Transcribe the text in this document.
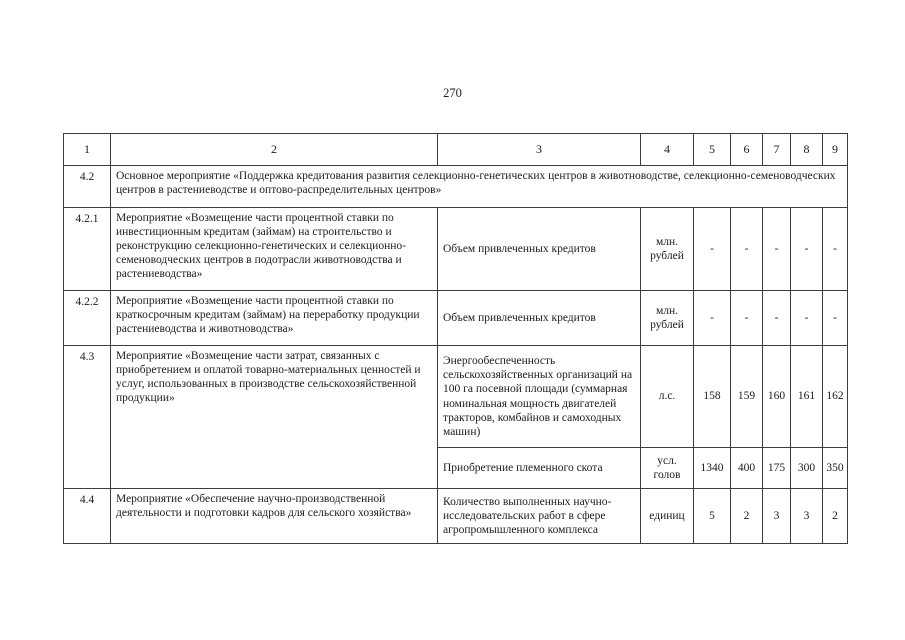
270
1	2	3	4	5	6	7	8	9
4.2	Основное мероприятие «Поддержка кредитования развития селекционно-генетических центров в животноводстве, селекционно-семеноводческих центров в растениеводстве и оптово-распределительных центров»							
4.2.1	Мероприятие «Возмещение части процентной ставки по инвестиционным кредитам (займам) на строительство и реконструкцию селекционно-генетических и селекционно-семеноводческих центров в подотрасли животноводства и растениеводства»	Объем привлеченных кредитов	млн. рублей	-	-	-	-	-
4.2.2	Мероприятие «Возмещение части процентной ставки по краткосрочным кредитам (займам) на переработку продукции растениеводства и животноводства»	Объем привлеченных кредитов	млн. рублей	-	-	-	-	-
4.3	Мероприятие «Возмещение части затрат, связанных с приобретением и оплатой товарно-материальных ценностей и услуг, использованных в производстве сельскохозяйственной продукции»	Энергообеспеченность сельскохозяйственных организаций на 100 га посевной площади (суммарная номинальная мощность двигателей тракторов, комбайнов и самоходных машин)	л.с.	158	159	160	161	162
		Приобретение племенного скота	усл. голов	1340	400	175	300	350
4.4	Мероприятие «Обеспечение научно-производственной деятельности и подготовки кадров для сельского хозяйства»	Количество выполненных научно-исследовательских работ в сфере агропромышленного комплекса	единиц	5	2	3	3	2
